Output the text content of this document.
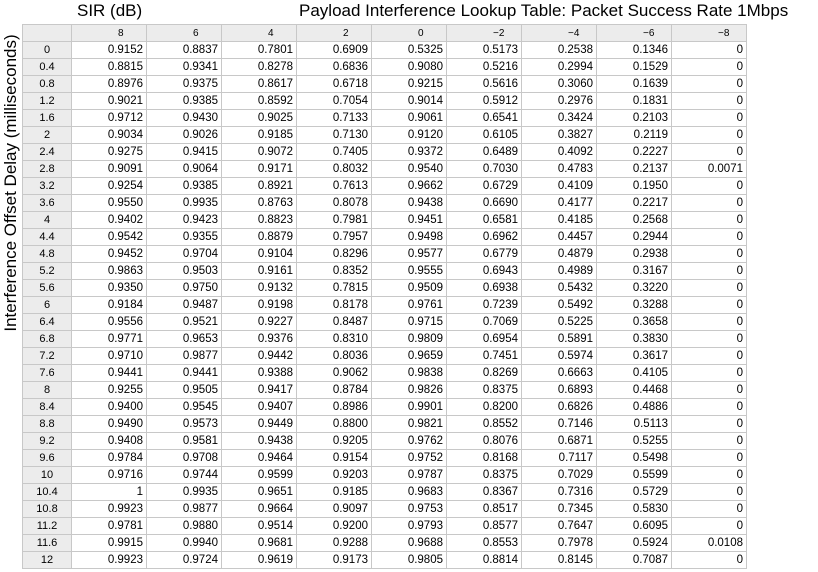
SIR (dB)	Payload Interference Lookup Table: Packet Success Rate 1Mbps
Interference Offset Delay (milliseconds)
	8	6	4	2	0	−2	−4	−6	−8
0	0.9152	0.8837	0.7801	0.6909	0.5325	0.5173	0.2538	0.1346	0
0.4	0.8815	0.9341	0.8278	0.6836	0.9080	0.5216	0.2994	0.1529	0
0.8	0.8976	0.9375	0.8617	0.6718	0.9215	0.5616	0.3060	0.1639	0
1.2	0.9021	0.9385	0.8592	0.7054	0.9014	0.5912	0.2976	0.1831	0
1.6	0.9712	0.9430	0.9025	0.7133	0.9061	0.6541	0.3424	0.2103	0
2	0.9034	0.9026	0.9185	0.7130	0.9120	0.6105	0.3827	0.2119	0
2.4	0.9275	0.9415	0.9072	0.7405	0.9372	0.6489	0.4092	0.2227	0
2.8	0.9091	0.9064	0.9171	0.8032	0.9540	0.7030	0.4783	0.2137	0.0071
3.2	0.9254	0.9385	0.8921	0.7613	0.9662	0.6729	0.4109	0.1950	0
3.6	0.9550	0.9935	0.8763	0.8078	0.9438	0.6690	0.4177	0.2217	0
4	0.9402	0.9423	0.8823	0.7981	0.9451	0.6581	0.4185	0.2568	0
4.4	0.9542	0.9355	0.8879	0.7957	0.9498	0.6962	0.4457	0.2944	0
4.8	0.9452	0.9704	0.9104	0.8296	0.9577	0.6779	0.4879	0.2938	0
5.2	0.9863	0.9503	0.9161	0.8352	0.9555	0.6943	0.4989	0.3167	0
5.6	0.9350	0.9750	0.9132	0.7815	0.9509	0.6938	0.5432	0.3220	0
6	0.9184	0.9487	0.9198	0.8178	0.9761	0.7239	0.5492	0.3288	0
6.4	0.9556	0.9521	0.9227	0.8487	0.9715	0.7069	0.5225	0.3658	0
6.8	0.9771	0.9653	0.9376	0.8310	0.9809	0.6954	0.5891	0.3830	0
7.2	0.9710	0.9877	0.9442	0.8036	0.9659	0.7451	0.5974	0.3617	0
7.6	0.9441	0.9441	0.9388	0.9062	0.9838	0.8269	0.6663	0.4105	0
8	0.9255	0.9505	0.9417	0.8784	0.9826	0.8375	0.6893	0.4468	0
8.4	0.9400	0.9545	0.9407	0.8986	0.9901	0.8200	0.6826	0.4886	0
8.8	0.9490	0.9573	0.9449	0.8800	0.9821	0.8552	0.7146	0.5113	0
9.2	0.9408	0.9581	0.9438	0.9205	0.9762	0.8076	0.6871	0.5255	0
9.6	0.9784	0.9708	0.9464	0.9154	0.9752	0.8168	0.7117	0.5498	0
10	0.9716	0.9744	0.9599	0.9203	0.9787	0.8375	0.7029	0.5599	0
10.4	1	0.9935	0.9651	0.9185	0.9683	0.8367	0.7316	0.5729	0
10.8	0.9923	0.9877	0.9664	0.9097	0.9753	0.8517	0.7345	0.5830	0
11.2	0.9781	0.9880	0.9514	0.9200	0.9793	0.8577	0.7647	0.6095	0
11.6	0.9915	0.9940	0.9681	0.9288	0.9688	0.8553	0.7978	0.5924	0.0108
12	0.9923	0.9724	0.9619	0.9173	0.9805	0.8814	0.8145	0.7087	0
